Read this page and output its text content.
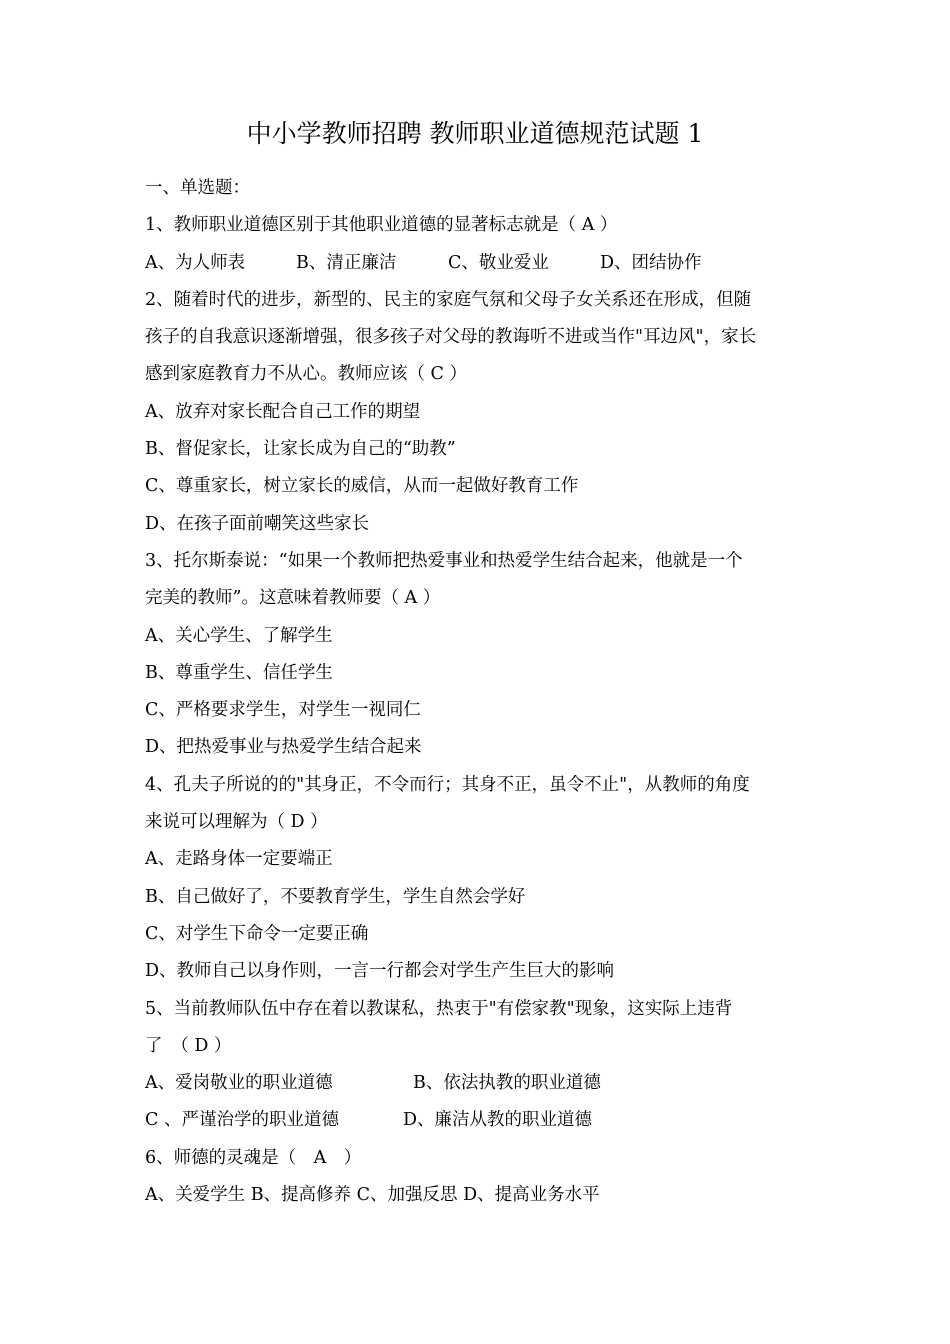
中小学教师招聘 教师职业道德规范试题 1
一、单选题：
1、教师职业道德区别于其他职业道德的显著标志就是（ A ）
A、为人师表	B、清正廉洁	C、敬业爱业	D、团结协作
2、随着时代的进步，新型的、民主的家庭气氛和父母子女关系还在形成，但随
孩子的自我意识逐渐增强，很多孩子对父母的教诲听不进或当作"耳边风"，家长
感到家庭教育力不从心。教师应该（ C ）
A、放弃对家长配合自己工作的期望
B、督促家长，让家长成为自己的“助教”
C、尊重家长，树立家长的威信，从而一起做好教育工作
D、在孩子面前嘲笑这些家长
3、托尔斯泰说：“如果一个教师把热爱事业和热爱学生结合起来，他就是一个
完美的教师”。这意味着教师要（ A ）
A、关心学生、了解学生
B、尊重学生、信任学生
C、严格要求学生，对学生一视同仁
D、把热爱事业与热爱学生结合起来
4、孔夫子所说的的"其身正，不令而行；其身不正，虽令不止"，从教师的角度
来说可以理解为（ D ）
A、走路身体一定要端正
B、自己做好了，不要教育学生，学生自然会学好
C、对学生下命令一定要正确
D、教师自己以身作则，一言一行都会对学生产生巨大的影响
5、当前教师队伍中存在着以教谋私，热衷于"有偿家教"现象，这实际上违背
了　（ D ）
A、爱岗敬业的职业道德	B、依法执教的职业道德
C 、严谨治学的职业道德	D、廉洁从教的职业道德
6、师德的灵魂是（　A　）
A、关爱学生 B、提高修养 C、加强反思 D、提高业务水平
